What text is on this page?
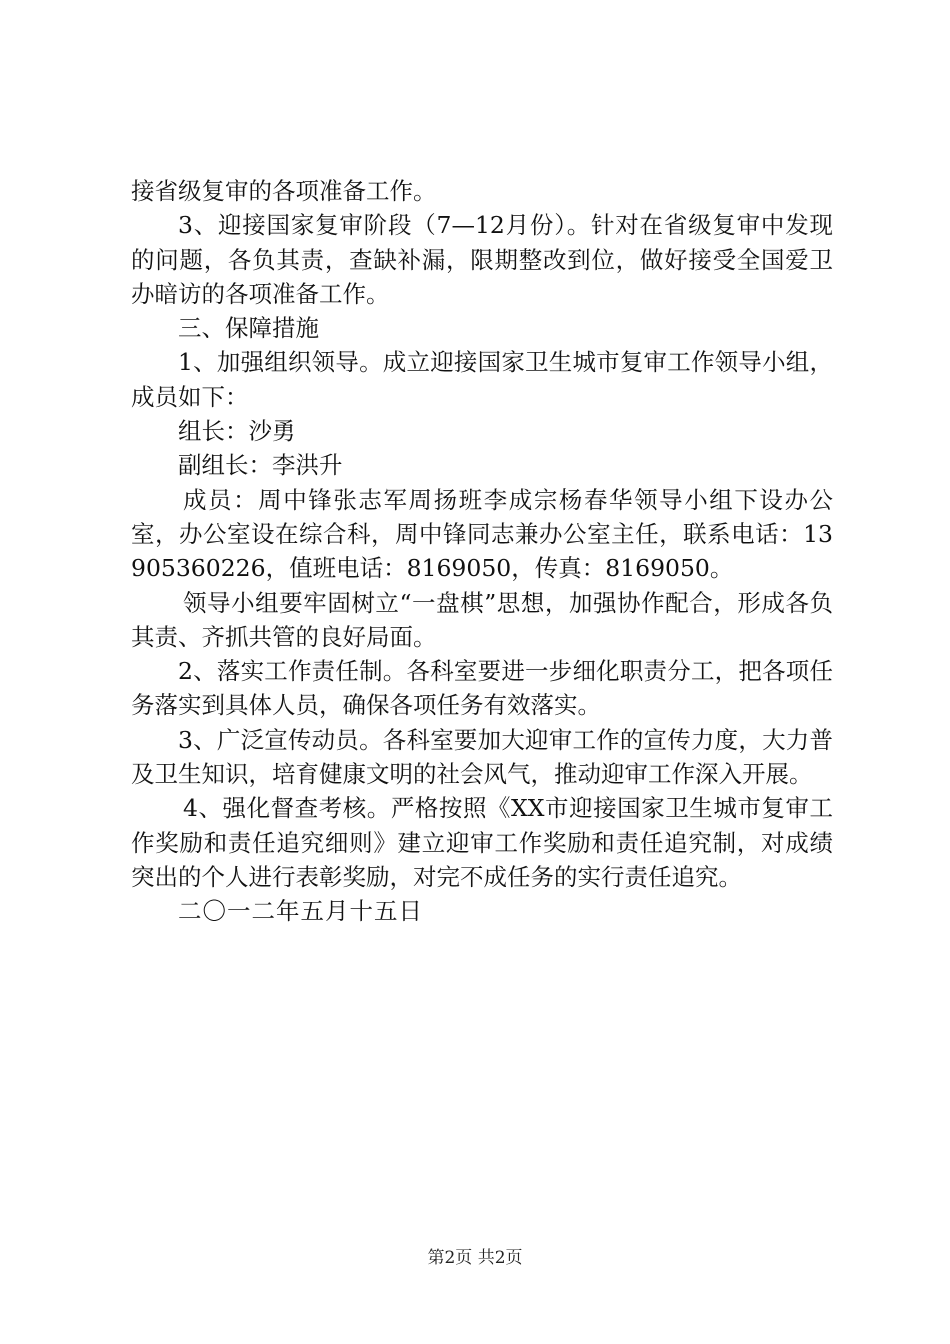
接省级复审的各项准备工作。

3、迎接国家复审阶段（7—12月份）。针对在省级复审中发现的问题，各负其责，查缺补漏，限期整改到位，做好接受全国爱卫办暗访的各项准备工作。

三、保障措施

1、加强组织领导。成立迎接国家卫生城市复审工作领导小组，成员如下：

组长：沙勇

副组长：李洪升

成员：周中锋张志军周扬班李成宗杨春华领导小组下设办公室，办公室设在综合科，周中锋同志兼办公室主任，联系电话：13905360226，值班电话：8169050，传真：8169050。

领导小组要牢固树立“一盘棋”思想，加强协作配合，形成各负其责、齐抓共管的良好局面。

2、落实工作责任制。各科室要进一步细化职责分工，把各项任务落实到具体人员，确保各项任务有效落实。

3、广泛宣传动员。各科室要加大迎审工作的宣传力度，大力普及卫生知识，培育健康文明的社会风气，推动迎审工作深入开展。

4、强化督查考核。严格按照《XX市迎接国家卫生城市复审工作奖励和责任追究细则》建立迎审工作奖励和责任追究制，对成绩突出的个人进行表彰奖励，对完不成任务的实行责任追究。

二〇一二年五月十五日

第2页 共2页
